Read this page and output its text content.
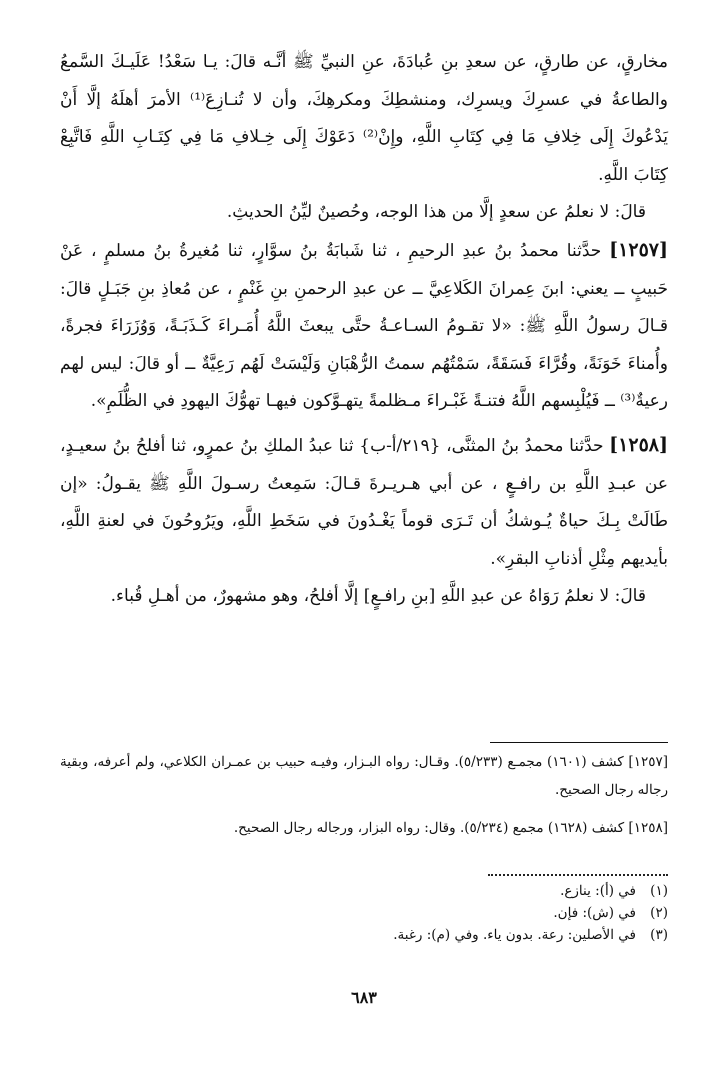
مخارقٍ، عن طارقٍ، عن سعدِ بنِ عُبادَةَ، عنِ النبيِّ ﷺ أنَّـه قالَ: يـا سَعْدُ! عَلَيـكَ السَّمعُ والطاعةُ في عسرِكَ ويسرِك، ومنشطِكَ ومكرهِكَ، وأن لا تُنـازِعَ⁽¹⁾ الأمرَ أهلَهُ إلَّا أَنْ يَدْعُوكَ إِلَى خِلافِ مَا فِي كِتَابِ اللَّهِ، وإِنْ⁽²⁾ دَعَوْكَ إِلَى خِـلافِ مَا فِي كِتَـابِ اللَّهِ فَاتَّبِعْ كِتَابَ اللَّهِ.

قالَ: لا نعلمُ عن سعدٍ إلَّا من هذا الوجه، وحُصينٌ ليِّنُ الحديثِ.

[١٢٥٧] حدَّثنا محمدُ بنُ عبدِ الرحيمِ ، ثنا شَبابَةُ بنُ سوَّارٍ، ثنا مُغيرةُ بنُ مسلمٍ ، عَنْ حَبيبٍ ــ يعني: ابنَ عِمرانَ الكَلاعِيَّ ــ عن عبدِ الرحمنِ بنِ غَنْمٍ ، عن مُعاذِ بنِ جَبَـلٍ قالَ: قـالَ رسولُ اللَّهِ ﷺ: «لا تقـومُ السـاعـةُ حتَّى يبعثَ اللَّهُ أُمَـراءَ كَـذَبَـةً، وَوُزَرَاءَ فجرةً، وأُمناءَ خَوَنَةً، وقُرَّاءَ فَسَقَةً، سَمْتُهُم سمتُ الرُّهْبَانِ وَلَيْسَتْ لَهُم رَعِيَّةٌ ــ أو قالَ: ليس لهم رعيةٌ⁽³⁾ ــ فَيُلْبِسهم اللَّهُ فتنـةً غَبْـراءَ مـظلمةً يتهـوَّكون فيهـا تهوُّكَ اليهودِ في الظُّلَمِ».

[١٢٥٨] حدَّثنا محمدُ بنُ المثنَّى، {٢١٩/أ-ب} ثنا عبدُ الملكِ بنُ عمرٍو، ثنا أفلحُ بنُ سعيـدٍ، عن عبـدِ اللَّهِ بن رافـعٍ ، عن أبي هـريـرةَ قـالَ: سَمِعتُ رسـولَ اللَّهِ ﷺ يقـولُ: «إن طَالَتْ بِـكَ حياةٌ يُـوشكُ أن تَـرَى قوماً يَغْـدُونَ في سَخَطِ اللَّهِ، ويَرُوحُونَ في لعنةِ اللَّهِ، بأيديهم مِثْلِ أذنابِ البقرِ».

قالَ: لا نعلمُ رَوَاهُ عن عبدِ اللَّهِ [بنِ رافـعٍ] إلَّا أفلحُ، وهو مشهورٌ، من أهـلِ قُباء.

[١٢٥٧] كشف (١٦٠١) مجمـع (٥/٢٣٣). وقـال: رواه البـزار، وفيـه حبيب بن عمـران الكلاعي، ولم أعرفه، وبقية رجاله رجال الصحيح.

[١٢٥٨] كشف (١٦٢٨) مجمع (٥/٢٣٤). وقال: رواه البزار، ورجاله رجال الصحيح.

(١)
في (أ): ينازع.
(٢)
في (ش): فإن.
(٣)
في الأصلين: رعة. بدون ياء. وفي (م): رغبة.
٦٨٣
